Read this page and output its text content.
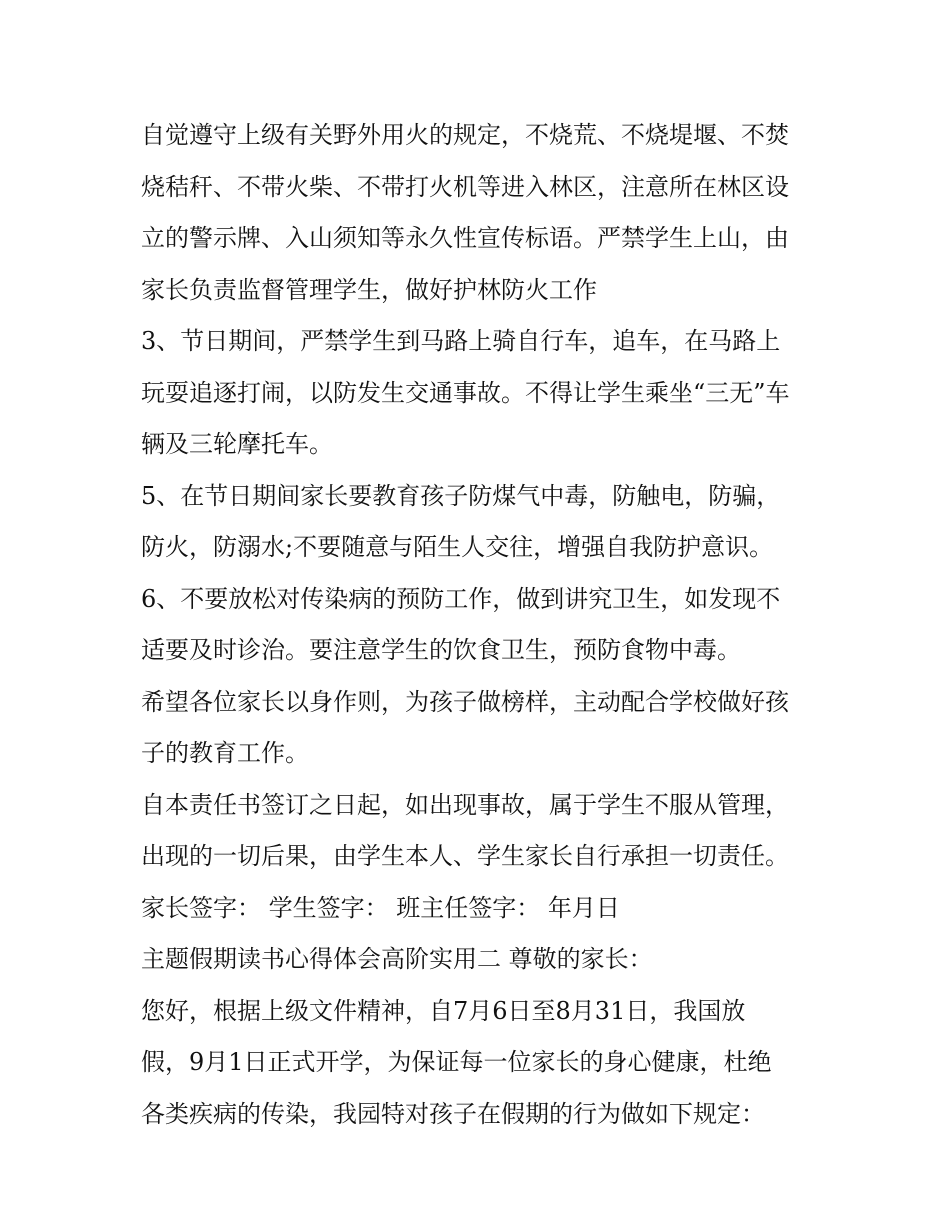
自觉遵守上级有关野外用火的规定，不烧荒、不烧堤堰、不焚
烧秸秆、不带火柴、不带打火机等进入林区，注意所在林区设
立的警示牌、入山须知等永久性宣传标语。严禁学生上山，由
家长负责监督管理学生，做好护林防火工作
3、节日期间，严禁学生到马路上骑自行车，追车，在马路上
玩耍追逐打闹，以防发生交通事故。不得让学生乘坐“三无”车
辆及三轮摩托车。
5、在节日期间家长要教育孩子防煤气中毒，防触电，防骗，
防火，防溺水;不要随意与陌生人交往，增强自我防护意识。
6、不要放松对传染病的预防工作，做到讲究卫生，如发现不
适要及时诊治。要注意学生的饮食卫生，预防食物中毒。
希望各位家长以身作则，为孩子做榜样，主动配合学校做好孩
子的教育工作。
自本责任书签订之日起，如出现事故，属于学生不服从管理，
出现的一切后果，由学生本人、学生家长自行承担一切责任。
家长签字： 学生签字： 班主任签字： 年月日
主题假期读书心得体会高阶实用二 尊敬的家长：
您好，根据上级文件精神，自7月6日至8月31日，我国放
假，9月1日正式开学，为保证每一位家长的身心健康，杜绝
各类疾病的传染，我园特对孩子在假期的行为做如下规定：
